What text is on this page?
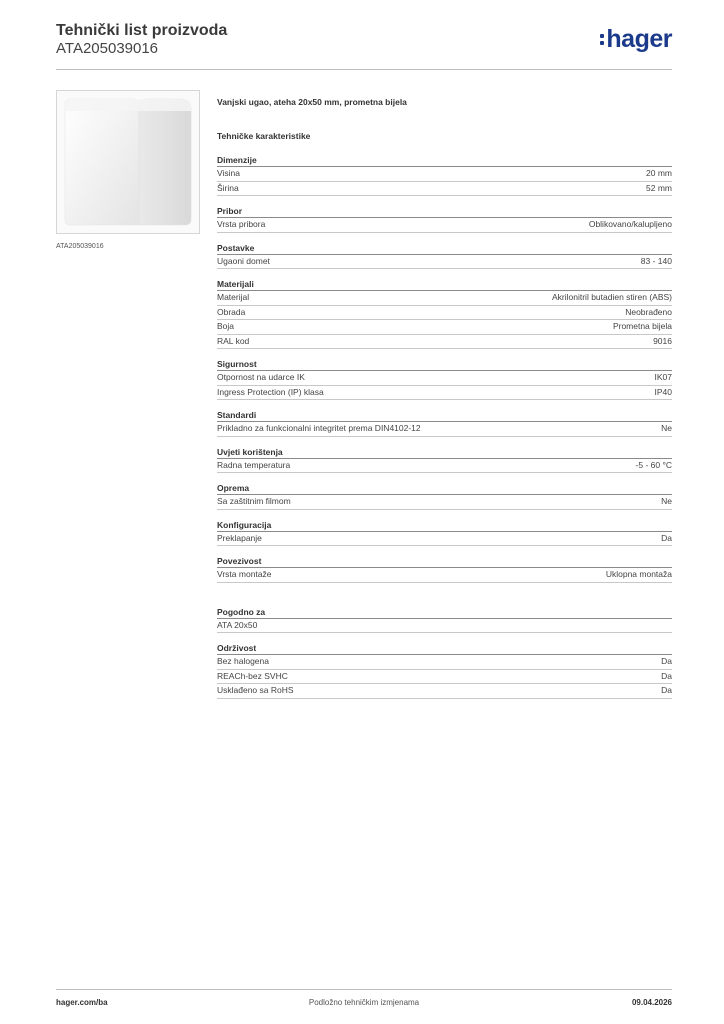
Tehnički list proizvoda
ATA205039016	hager
ATA205039016
Vanjski ugao, ateha 20x50 mm, prometna bijela
Tehničke karakteristike
Dimenzije
Visina	20 mm
Širina	52 mm
Pribor
Vrsta pribora	Oblikovano/kalupljeno
Postavke
Ugaoni domet	83 - 140
Materijali
Materijal	Akrilonitril butadien stiren (ABS)
Obrada	Neobrađeno
Boja	Prometna bijela
RAL kod	9016
Sigurnost
Otpornost na udarce IK	IK07
Ingress Protection (IP) klasa	IP40
Standardi
Prikladno za funkcionalni integritet prema DIN4102-12	Ne
Uvjeti korištenja
Radna temperatura	-5 - 60 °C
Oprema
Sa zaštitnim filmom	Ne
Konfiguracija
Preklapanje	Da
Povezivost
Vrsta montaže	Uklopna montaža
Pogodno za
ATA 20x50
Održivost
Bez halogena	Da
REACh-bez SVHC	Da
Usklađeno sa RoHS	Da
hager.com/ba	Podložno tehničkim izmjenama	09.04.2026
